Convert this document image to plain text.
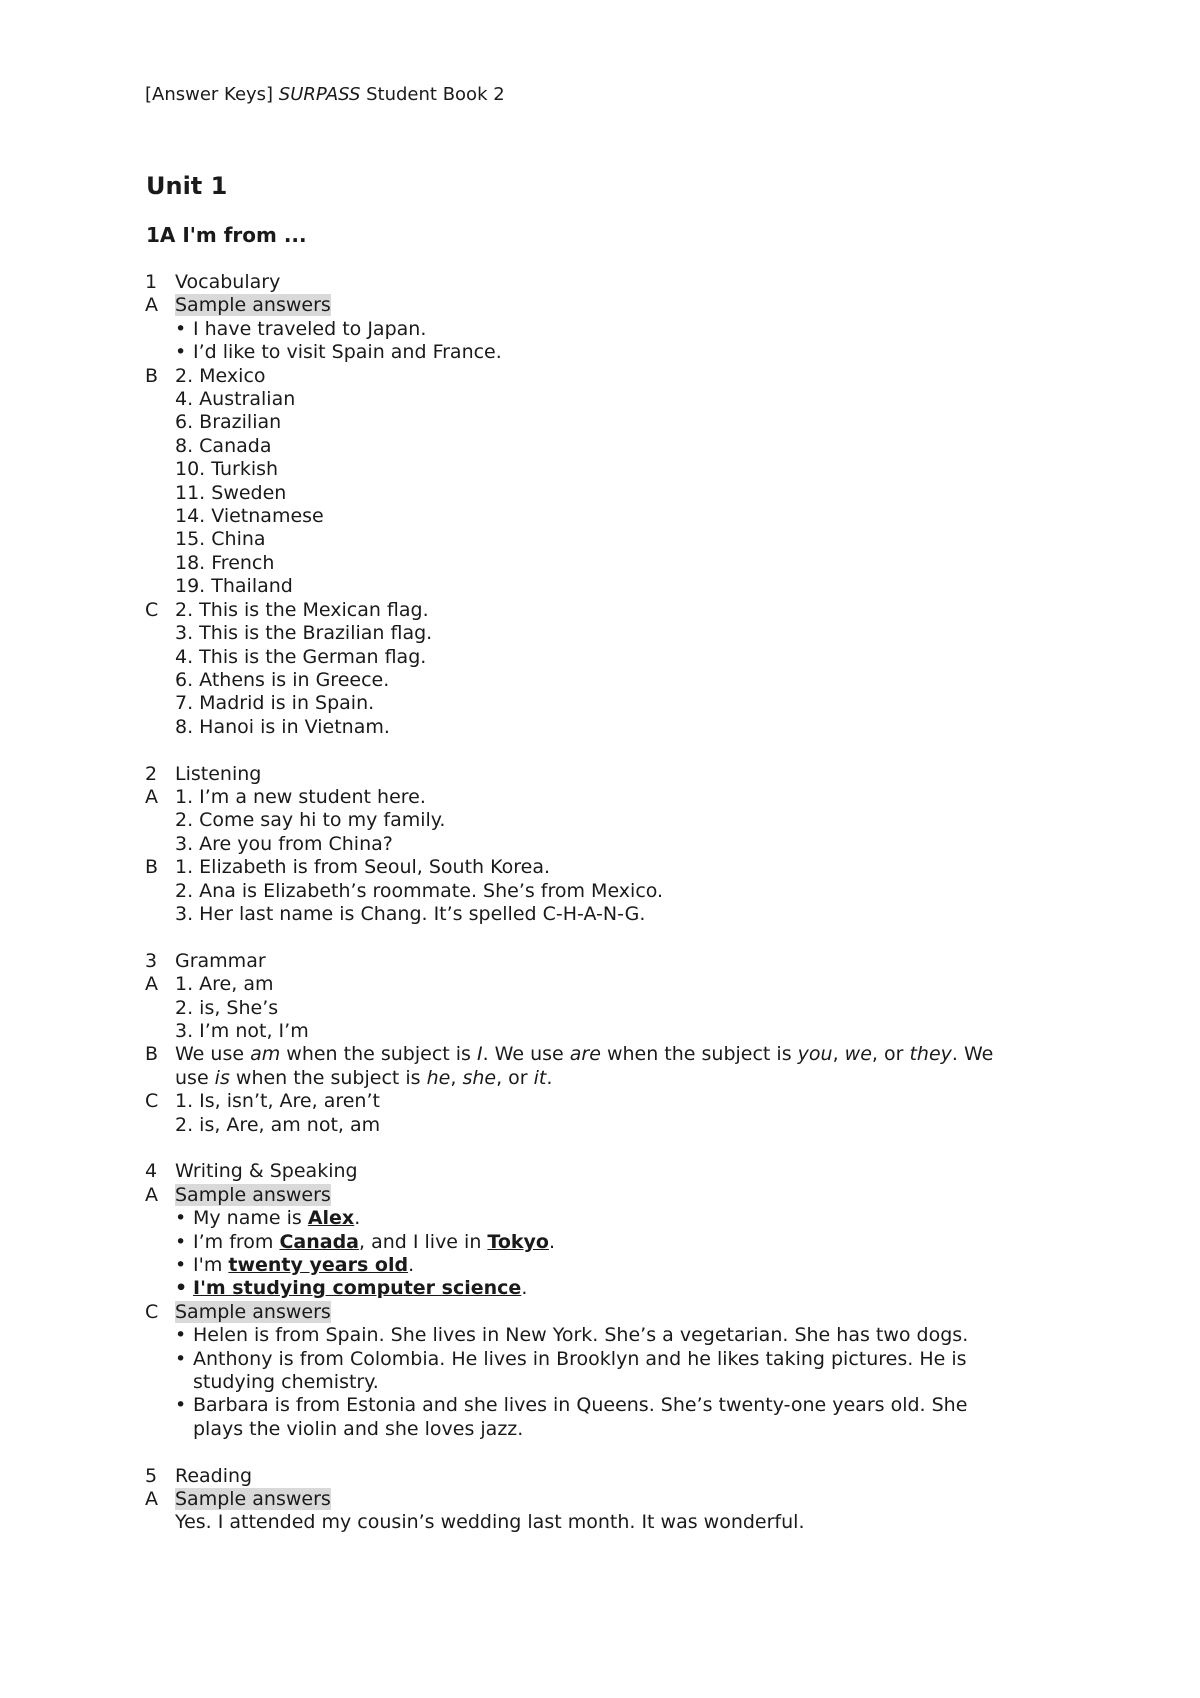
[Answer Keys] SURPASS Student Book 2
Unit 1
1A I'm from ...
1 Vocabulary
A Sample answers
• I have traveled to Japan.
• I’d like to visit Spain and France.
B 2. Mexico
4. Australian
6. Brazilian
8. Canada
10. Turkish
11. Sweden
14. Vietnamese
15. China
18. French
19. Thailand
C 2. This is the Mexican flag.
3. This is the Brazilian flag.
4. This is the German flag.
6. Athens is in Greece.
7. Madrid is in Spain.
8. Hanoi is in Vietnam.
2 Listening
A 1. I’m a new student here.
2. Come say hi to my family.
3. Are you from China?
B 1. Elizabeth is from Seoul, South Korea.
2. Ana is Elizabeth’s roommate. She’s from Mexico.
3. Her last name is Chang. It’s spelled C-H-A-N-G.
3 Grammar
A 1. Are, am
2. is, She’s
3. I’m not, I’m
B We use am when the subject is I. We use are when the subject is you, we, or they. We
use is when the subject is he, she, or it.
C 1. Is, isn’t, Are, aren’t
2. is, Are, am not, am
4 Writing & Speaking
A Sample answers
• My name is Alex.
• I’m from Canada, and I live in Tokyo.
• I'm twenty years old.
• I'm studying computer science.
C Sample answers
• Helen is from Spain. She lives in New York. She’s a vegetarian. She has two dogs.
• Anthony is from Colombia. He lives in Brooklyn and he likes taking pictures. He is
studying chemistry.
• Barbara is from Estonia and she lives in Queens. She’s twenty-one years old. She
plays the violin and she loves jazz.
5 Reading
A Sample answers
Yes. I attended my cousin’s wedding last month. It was wonderful.
